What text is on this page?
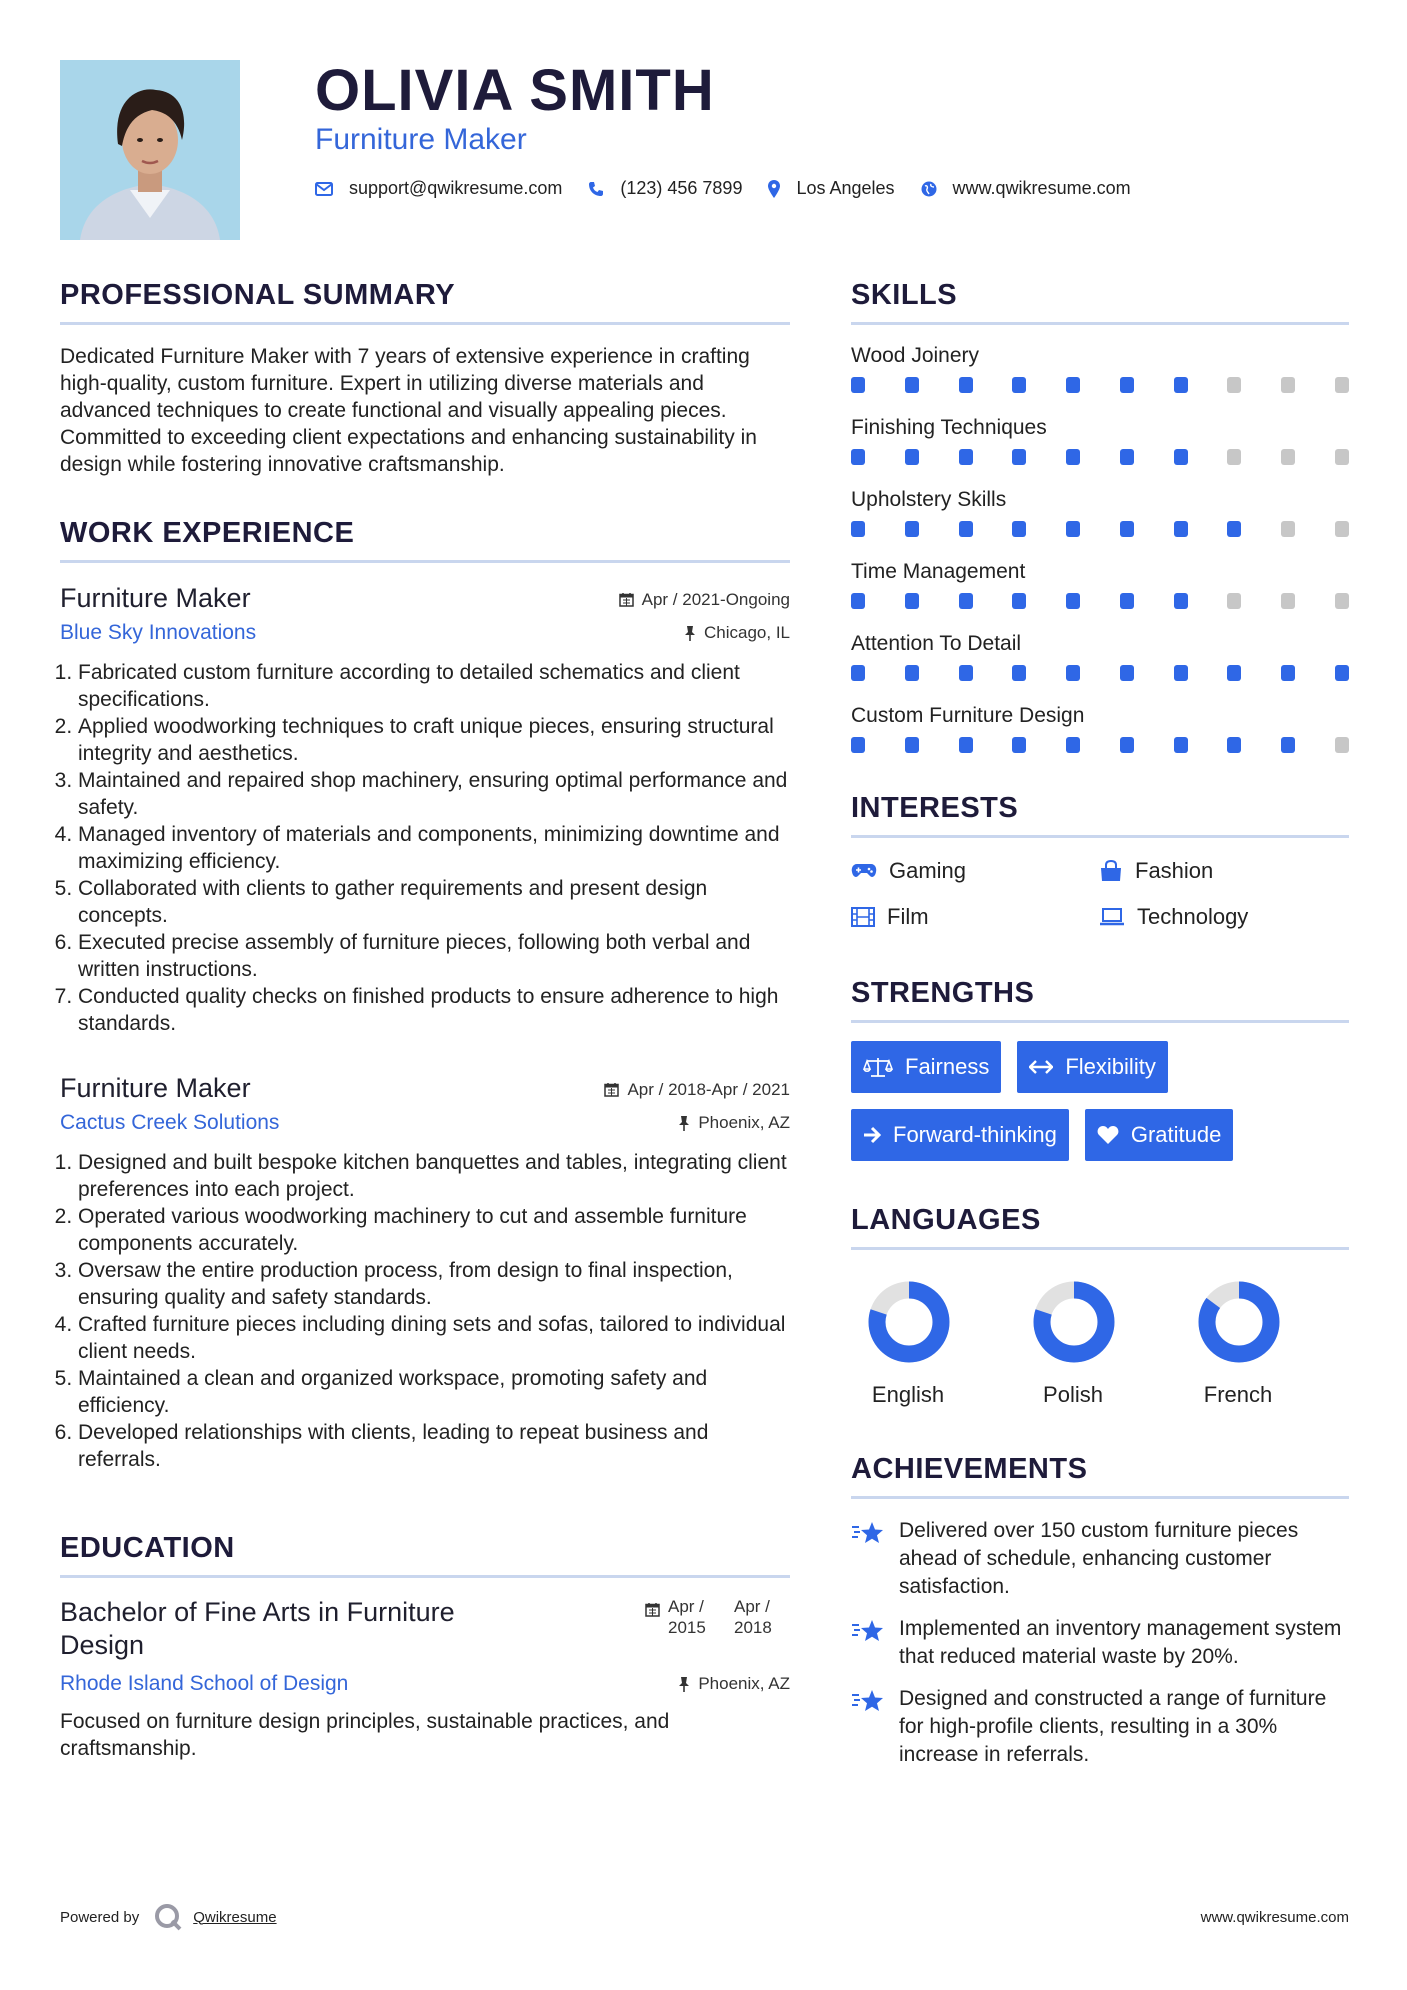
OLIVIA SMITH
Furniture Maker
support@qwikresume.com	(123) 456 7899	Los Angeles	www.qwikresume.com
PROFESSIONAL SUMMARY

Dedicated Furniture Maker with 7 years of extensive experience in crafting high-quality, custom furniture. Expert in utilizing diverse materials and advanced techniques to create functional and visually appealing pieces. Committed to exceeding client expectations and enhancing sustainability in design while fostering innovative craftsmanship.

WORK EXPERIENCE
Furniture Maker	Apr / 2021-Ongoing
Blue Sky Innovations	Chicago, IL
1. Fabricated custom furniture according to detailed schematics and client specifications.
2. Applied woodworking techniques to craft unique pieces, ensuring structural integrity and aesthetics.
3. Maintained and repaired shop machinery, ensuring optimal performance and safety.
4. Managed inventory of materials and components, minimizing downtime and maximizing efficiency.
5. Collaborated with clients to gather requirements and present design concepts.
6. Executed precise assembly of furniture pieces, following both verbal and written instructions.
7. Conducted quality checks on finished products to ensure adherence to high standards.
Furniture Maker	Apr / 2018-Apr / 2021
Cactus Creek Solutions	Phoenix, AZ
1. Designed and built bespoke kitchen banquettes and tables, integrating client preferences into each project.
2. Operated various woodworking machinery to cut and assemble furniture components accurately.
3. Oversaw the entire production process, from design to final inspection, ensuring quality and safety standards.
4. Crafted furniture pieces including dining sets and sofas, tailored to individual client needs.
5. Maintained a clean and organized workspace, promoting safety and efficiency.
6. Developed relationships with clients, leading to repeat business and referrals.
EDUCATION
Bachelor of Fine Arts in Furniture Design
Apr / 2015
Apr / 2018
Rhode Island School of Design	Phoenix, AZ

Focused on furniture design principles, sustainable practices, and craftsmanship.

SKILLS
Wood Joinery
Finishing Techniques
Upholstery Skills
Time Management
Attention To Detail
Custom Furniture Design
INTERESTS
Gaming	Fashion
Film	Technology
STRENGTHS
Fairness	Flexibility
Forward-thinking	Gratitude
LANGUAGES
English	Polish	French
ACHIEVEMENTS
Delivered over 150 custom furniture pieces ahead of schedule, enhancing customer satisfaction.
Implemented an inventory management system that reduced material waste by 20%.
Designed and constructed a range of furniture for high-profile clients, resulting in a 30% increase in referrals.
Powered by	Qwikresume	www.qwikresume.com
